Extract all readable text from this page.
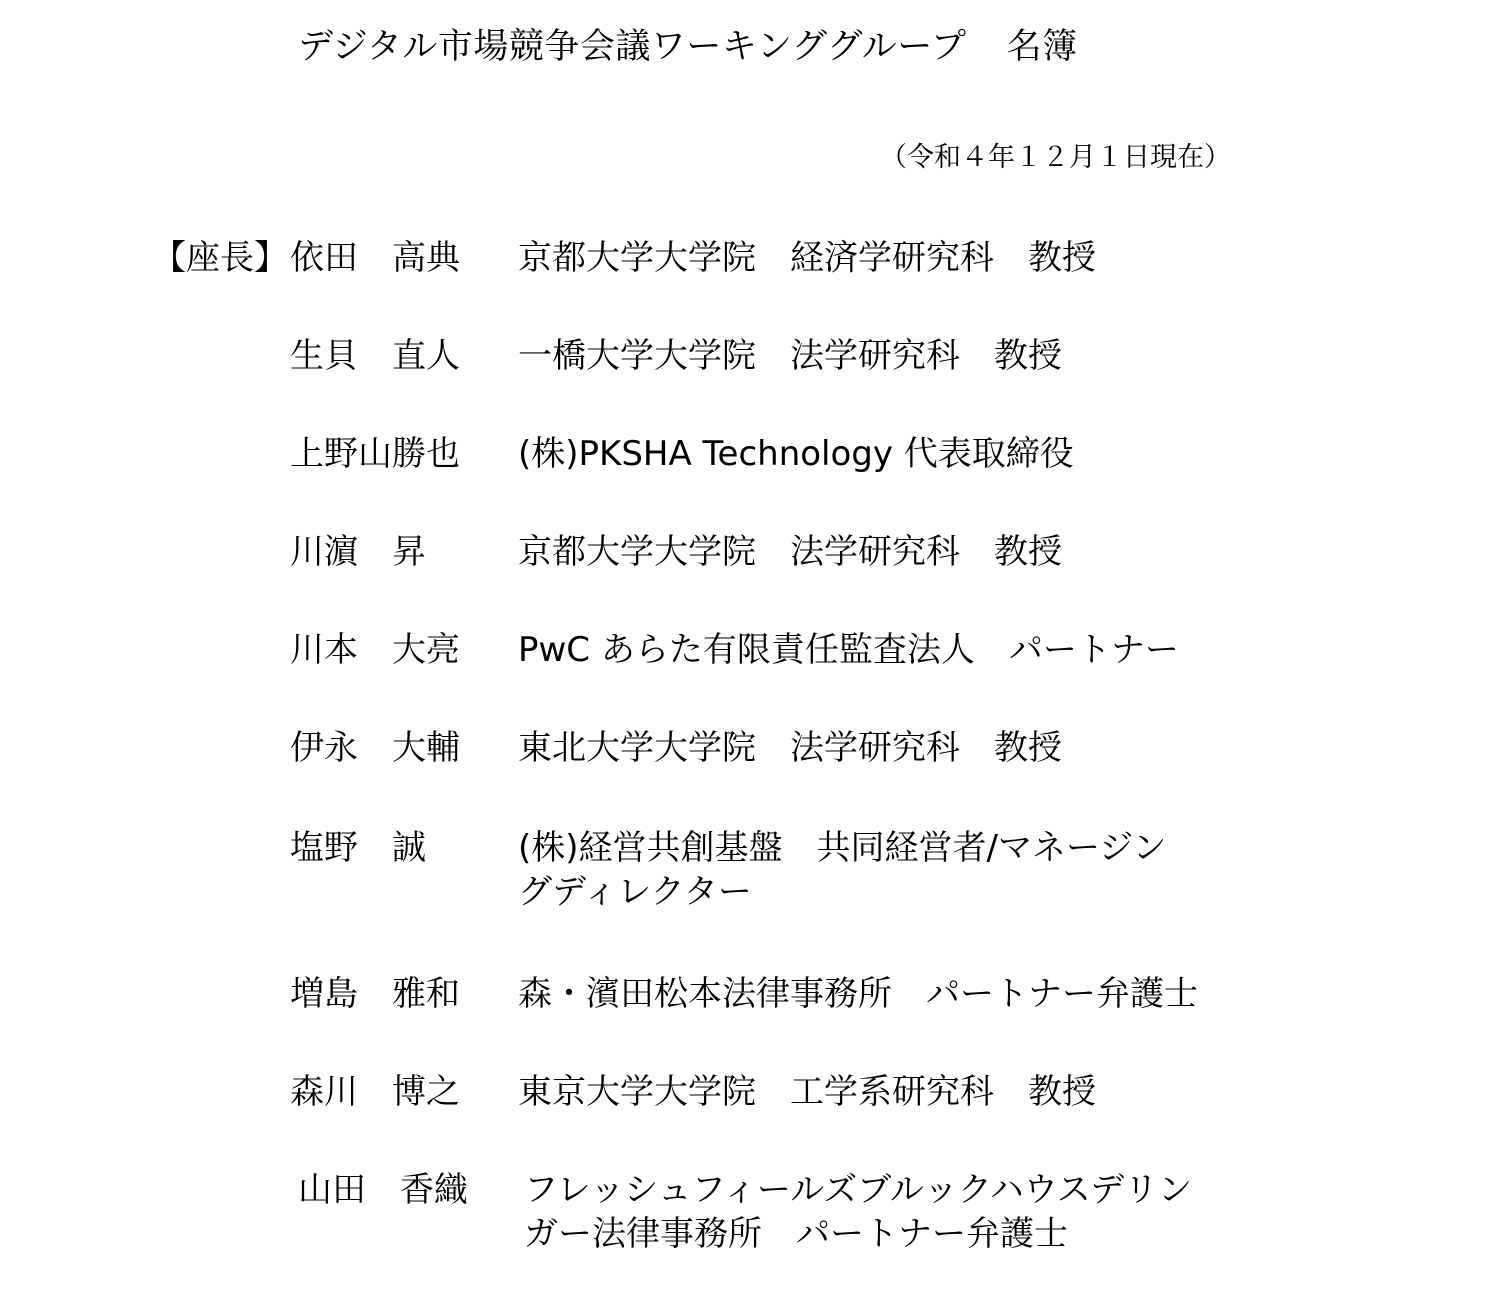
デジタル市場競争会議ワーキンググループ 名簿
（令和４年１２月１日現在）
【座長】 依田　高典 京都大学大学院　経済学研究科　教授
生貝　直人 一橋大学大学院　法学研究科　教授
上野山勝也 (株)PKSHA Technology 代表取締役
川濵　昇	京都大学大学院　法学研究科　教授
川本　大亮 PwC あらた有限責任監査法人　パートナー
伊永　大輔 東北大学大学院　法学研究科　教授
塩野　誠	(株)経営共創基盤　共同経営者/マネージン
グディレクター
増島　雅和 森・濱田松本法律事務所　パートナー弁護士
森川　博之 東京大学大学院　工学系研究科　教授
山田　香織 フレッシュフィールズブルックハウスデリン
ガー法律事務所　パートナー弁護士
